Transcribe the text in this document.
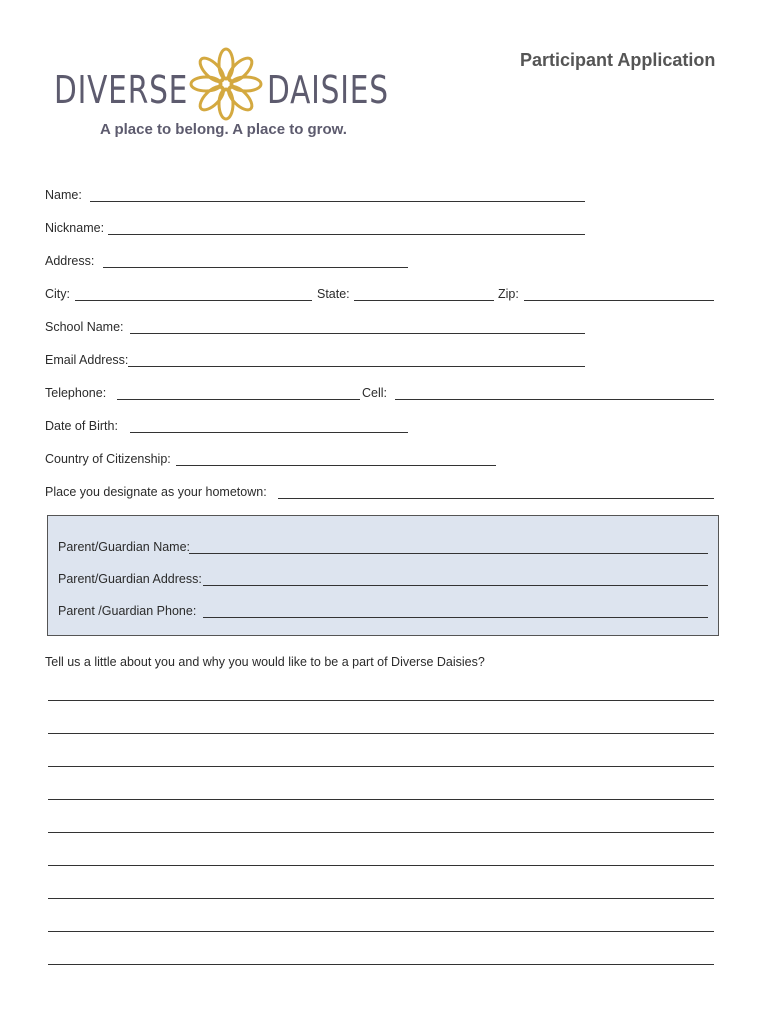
DIVERSE DAISIES
A place to belong. A place to grow.
Participant Application
Name:
Nickname:
Address:
City:	State:	Zip:
School Name:
Email Address:
Telephone:	Cell:
Date of Birth:
Country of Citizenship:
Place you designate as your hometown:
Parent/Guardian Name:
Parent/Guardian Address:
Parent /Guardian Phone:
Tell us a little about you and why you would like to be a part of Diverse Daisies?
